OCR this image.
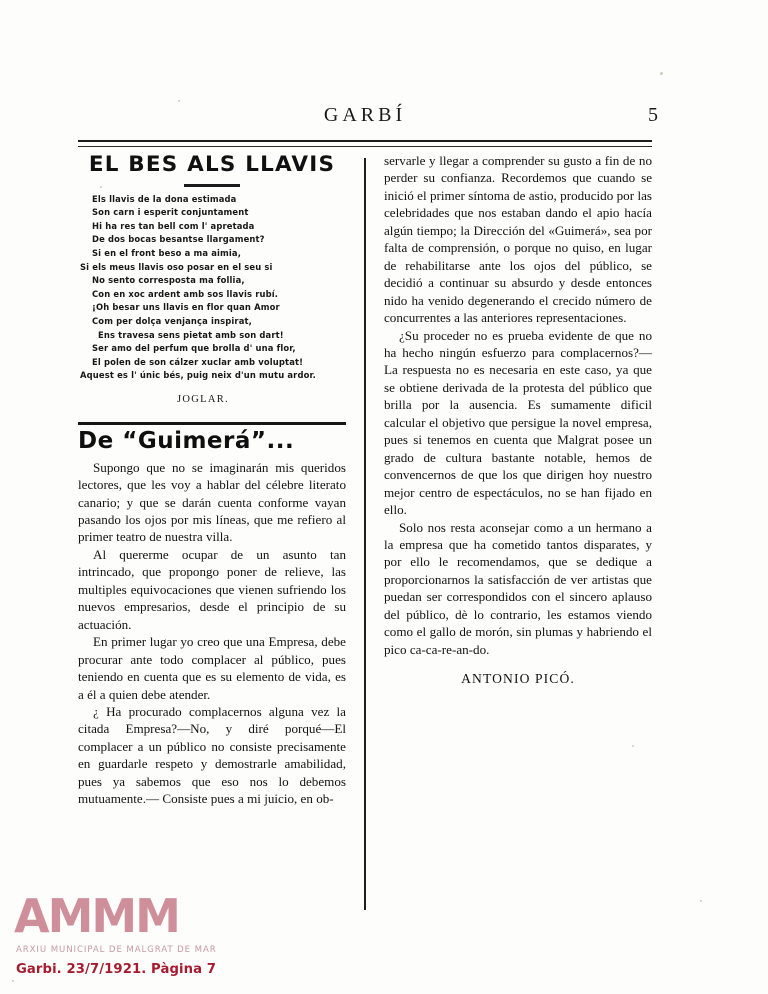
GARBÍ	5
EL BES ALS LLAVIS
Els llavis de la dona estimada
Son carn i esperit conjuntament
Hi ha res tan bell com l' apretada
De dos bocas besantse llargament?
Si en el front beso a ma aimia,
Si els meus llavis oso posar en el seu si
No sento corresposta ma follia,
Con en xoc ardent amb sos llavis rubí.
¡Oh besar uns llavis en flor quan Amor
Com per dolça venjança inspirat,
Ens travesa sens pietat amb son dart!
Ser amo del perfum que brolla d' una flor,
El polen de son cálzer xuclar amb voluptat!
Aquest es l' únic bés, puig neix d'un mutu ardor.
JOGLAR.
De “Guimerá”...

Supongo que no se imaginarán mis queridos lectores, que les voy a hablar del célebre literato canario; y que se darán cuenta conforme vayan pasando los ojos por mis líneas, que me refiero al primer teatro de nuestra villa.

Al quererme ocupar de un asunto tan intrincado, que propongo poner de relieve, las multiples equivocaciones que vienen sufriendo los nuevos empresarios, desde el principio de su actuación.

En primer lugar yo creo que una Empresa, debe procurar ante todo complacer al público, pues teniendo en cuenta que es su elemento de vida, es a él a quien debe atender.

¿ Ha procurado complacernos alguna vez la citada Empresa?—No, y diré porqué—El complacer a un público no consiste precisamente en guardarle respeto y demostrarle amabilidad, pues ya sabemos que eso nos lo debemos mutuamente.— Consiste pues a mi juicio, en ob-

servarle y llegar a comprender su gusto a fin de no perder su confianza. Recordemos que cuando se inició el primer síntoma de astio, producido por las celebridades que nos estaban dando el apio hacía algún tiempo; la Dirección del «Guimerá», sea por falta de comprensión, o porque no quiso, en lugar de rehabilitarse ante los ojos del público, se decidió a continuar su absurdo y desde entonces nido ha venido degenerando el crecido número de concurrentes a las anteriores representaciones.

¿Su proceder no es prueba evidente de que no ha hecho ningún esfuerzo para complacernos?— La respuesta no es necesaria en este caso, ya que se obtiene derivada de la protesta del público que brilla por la ausencia. Es sumamente dificil calcular el objetivo que persigue la novel empresa, pues si tenemos en cuenta que Malgrat posee un grado de cultura bastante notable, hemos de convencernos de que los que dirigen hoy nuestro mejor centro de espectáculos, no se han fijado en ello.

Solo nos resta aconsejar como a un hermano a la empresa que ha cometido tantos disparates, y por ello le recomendamos, que se dedique a proporcionarnos la satisfacción de ver artistas que puedan ser correspondidos con el sincero aplauso del público, dè lo contrario, les estamos viendo como el gallo de morón, sin plumas y habriendo el pico ca-ca-re-an-do.

ANTONIO PICÓ.
AMMM
ARXIU MUNICIPAL DE MALGRAT DE MAR
Garbi. 23/7/1921. Pàgina 7
